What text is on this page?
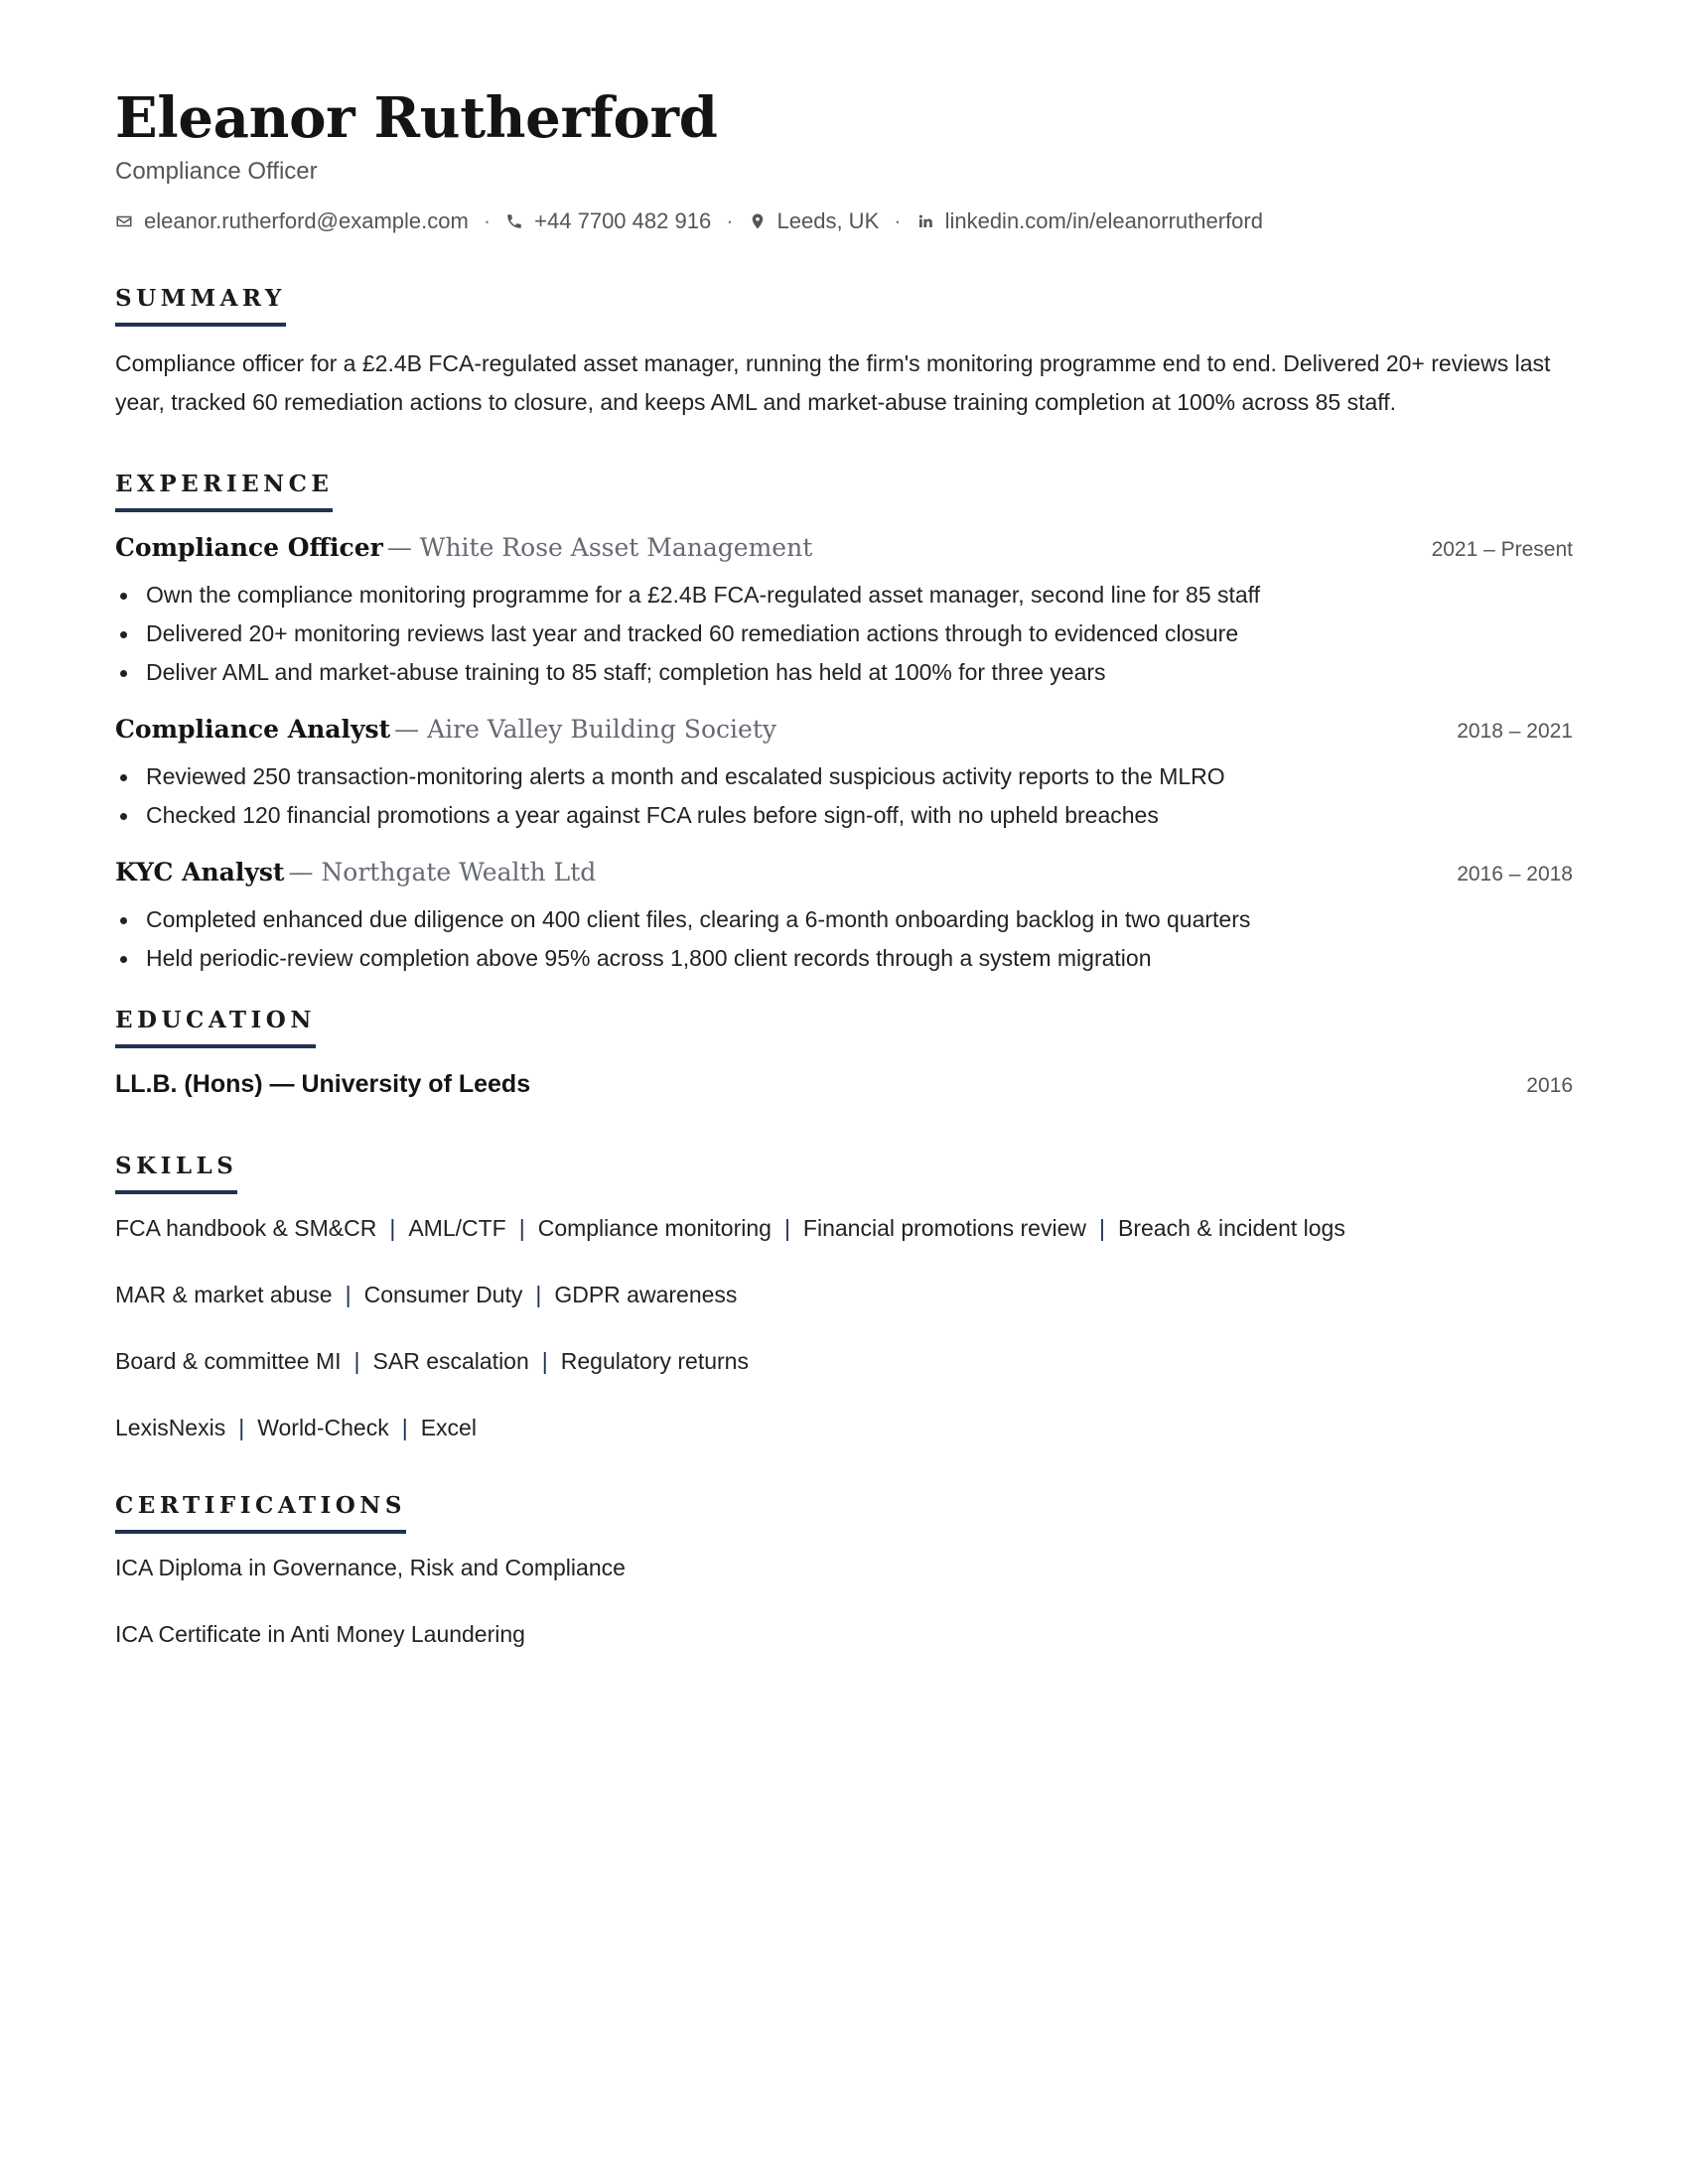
Eleanor Rutherford
Compliance Officer
eleanor.rutherford@example.com · +44 7700 482 916 · Leeds, UK · linkedin.com/in/eleanorrutherford
SUMMARY

Compliance officer for a £2.4B FCA-regulated asset manager, running the firm's monitoring programme end to end. Delivered 20+ reviews last year, tracked 60 remediation actions to closure, and keeps AML and market-abuse training completion at 100% across 85 staff.

EXPERIENCE
Compliance Officer — White Rose Asset Management	2021 – Present
Own the compliance monitoring programme for a £2.4B FCA-regulated asset manager, second line for 85 staff
Delivered 20+ monitoring reviews last year and tracked 60 remediation actions through to evidenced closure
Deliver AML and market-abuse training to 85 staff; completion has held at 100% for three years
Compliance Analyst — Aire Valley Building Society	2018 – 2021
Reviewed 250 transaction-monitoring alerts a month and escalated suspicious activity reports to the MLRO
Checked 120 financial promotions a year against FCA rules before sign-off, with no upheld breaches
KYC Analyst — Northgate Wealth Ltd	2016 – 2018
Completed enhanced due diligence on 400 client files, clearing a 6-month onboarding backlog in two quarters
Held periodic-review completion above 95% across 1,800 client records through a system migration
EDUCATION
LL.B. (Hons) — University of Leeds	2016
SKILLS
FCA handbook & SM&CR | AML/CTF | Compliance monitoring | Financial promotions review | Breach & incident logs
MAR & market abuse | Consumer Duty | GDPR awareness
Board & committee MI | SAR escalation | Regulatory returns
LexisNexis | World-Check | Excel
CERTIFICATIONS
ICA Diploma in Governance, Risk and Compliance
ICA Certificate in Anti Money Laundering
